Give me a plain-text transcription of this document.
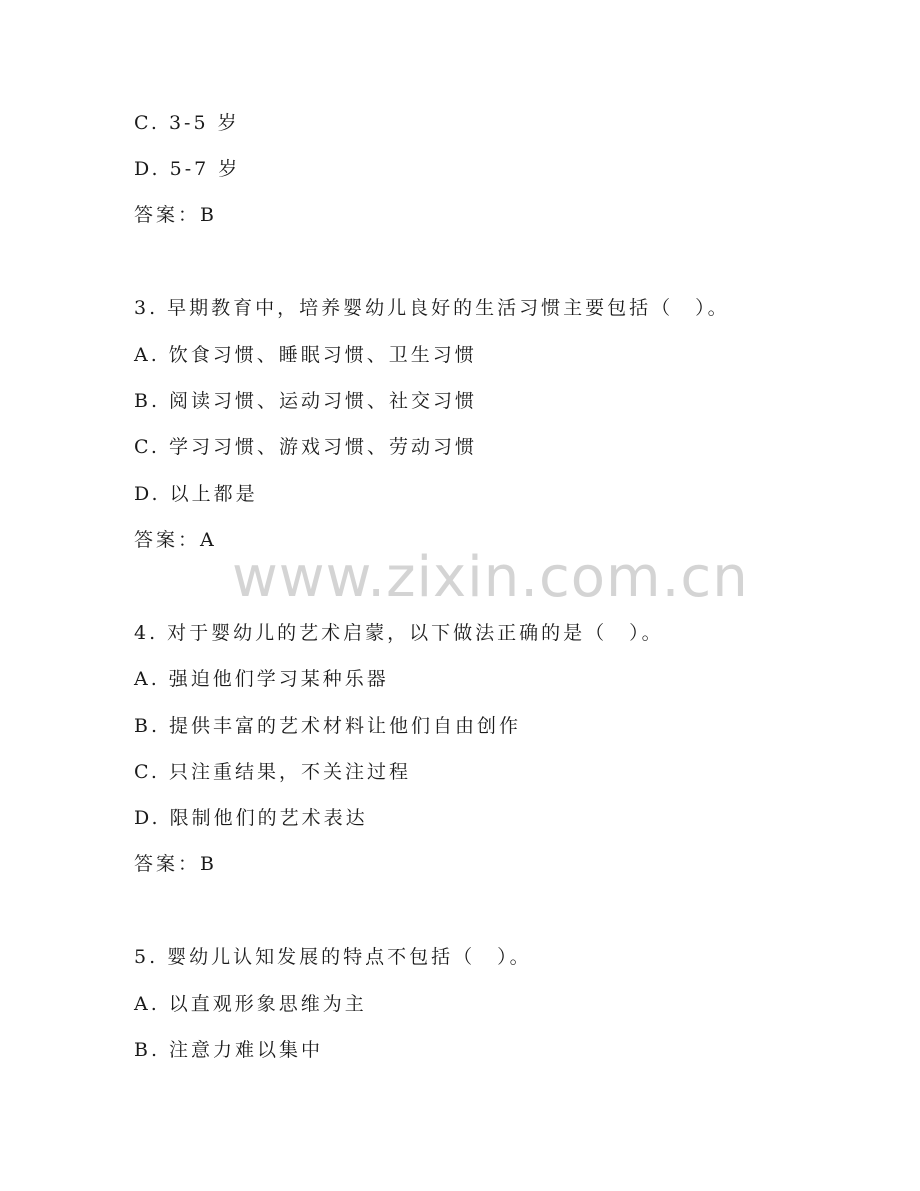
C. 3-5 岁
D. 5-7 岁
答案：B
3. 早期教育中，培养婴幼儿良好的生活习惯主要包括（　）。
A. 饮食习惯、睡眠习惯、卫生习惯
B. 阅读习惯、运动习惯、社交习惯
C. 学习习惯、游戏习惯、劳动习惯
D. 以上都是
答案：A
4. 对于婴幼儿的艺术启蒙，以下做法正确的是（　）。
A. 强迫他们学习某种乐器
B. 提供丰富的艺术材料让他们自由创作
C. 只注重结果，不关注过程
D. 限制他们的艺术表达
答案：B
5. 婴幼儿认知发展的特点不包括（　）。
A. 以直观形象思维为主
B. 注意力难以集中
www.zixin.com.cn
